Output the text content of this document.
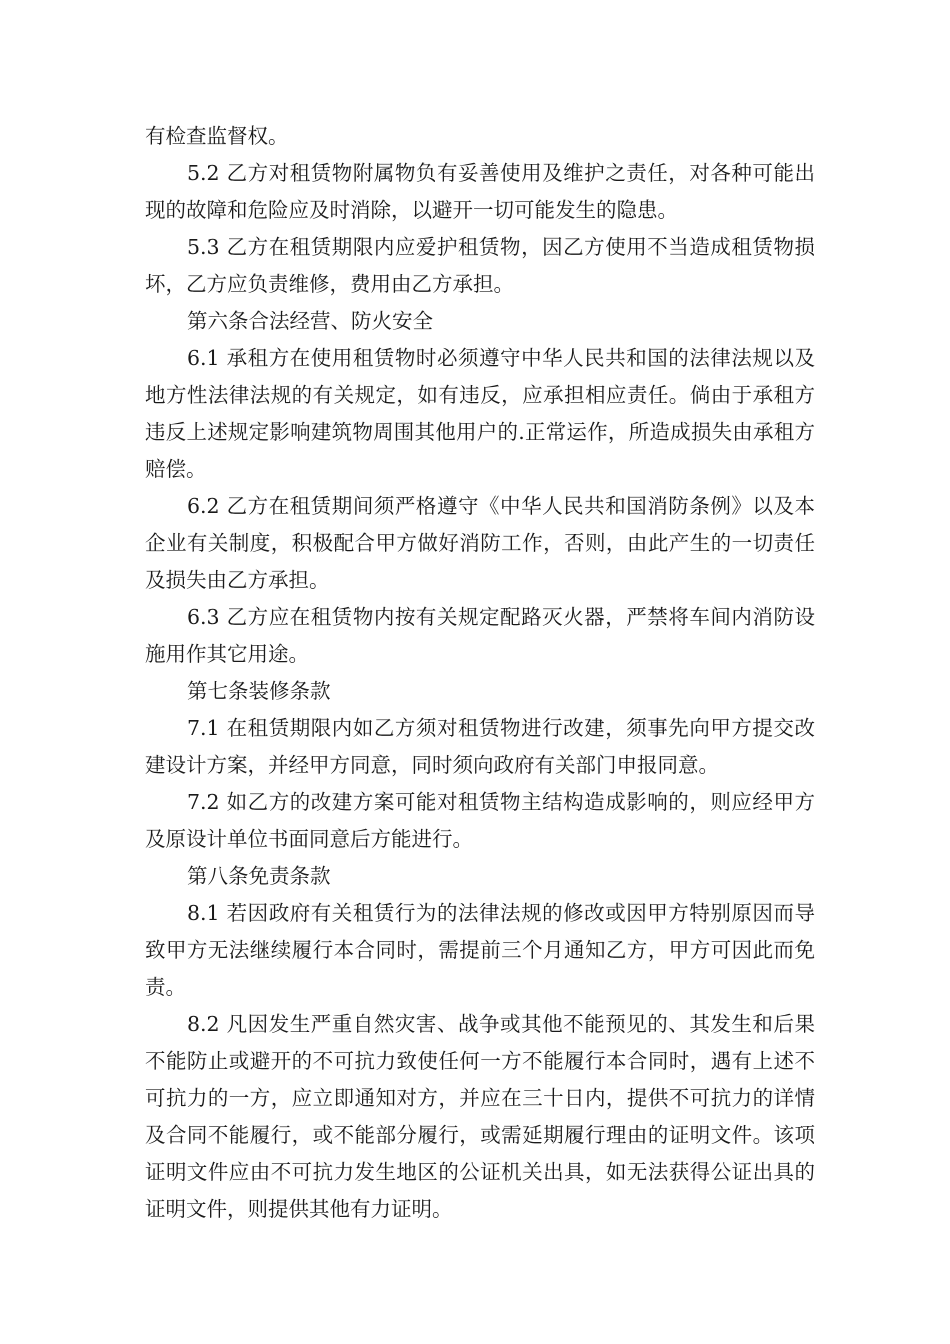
有检查监督权。

5.2 乙方对租赁物附属物负有妥善使用及维护之责任，对各种可能出现的故障和危险应及时消除，以避开一切可能发生的隐患。

5.3 乙方在租赁期限内应爱护租赁物，因乙方使用不当造成租赁物损坏，乙方应负责维修，费用由乙方承担。

第六条合法经营、防火安全

6.1 承租方在使用租赁物时必须遵守中华人民共和国的法律法规以及地方性法律法规的有关规定，如有违反，应承担相应责任。倘由于承租方违反上述规定影响建筑物周围其他用户的.正常运作，所造成损失由承租方赔偿。

6.2 乙方在租赁期间须严格遵守《中华人民共和国消防条例》以及本企业有关制度，积极配合甲方做好消防工作，否则，由此产生的一切责任及损失由乙方承担。

6.3 乙方应在租赁物内按有关规定配路灭火器，严禁将车间内消防设施用作其它用途。

第七条装修条款

7.1 在租赁期限内如乙方须对租赁物进行改建，须事先向甲方提交改建设计方案，并经甲方同意，同时须向政府有关部门申报同意。

7.2 如乙方的改建方案可能对租赁物主结构造成影响的，则应经甲方及原设计单位书面同意后方能进行。

第八条免责条款

8.1 若因政府有关租赁行为的法律法规的修改或因甲方特别原因而导致甲方无法继续履行本合同时，需提前三个月通知乙方，甲方可因此而免责。

8.2 凡因发生严重自然灾害、战争或其他不能预见的、其发生和后果不能防止或避开的不可抗力致使任何一方不能履行本合同时，遇有上述不可抗力的一方，应立即通知对方，并应在三十日内，提供不可抗力的详情及合同不能履行，或不能部分履行，或需延期履行理由的证明文件。该项证明文件应由不可抗力发生地区的公证机关出具，如无法获得公证出具的证明文件，则提供其他有力证明。
